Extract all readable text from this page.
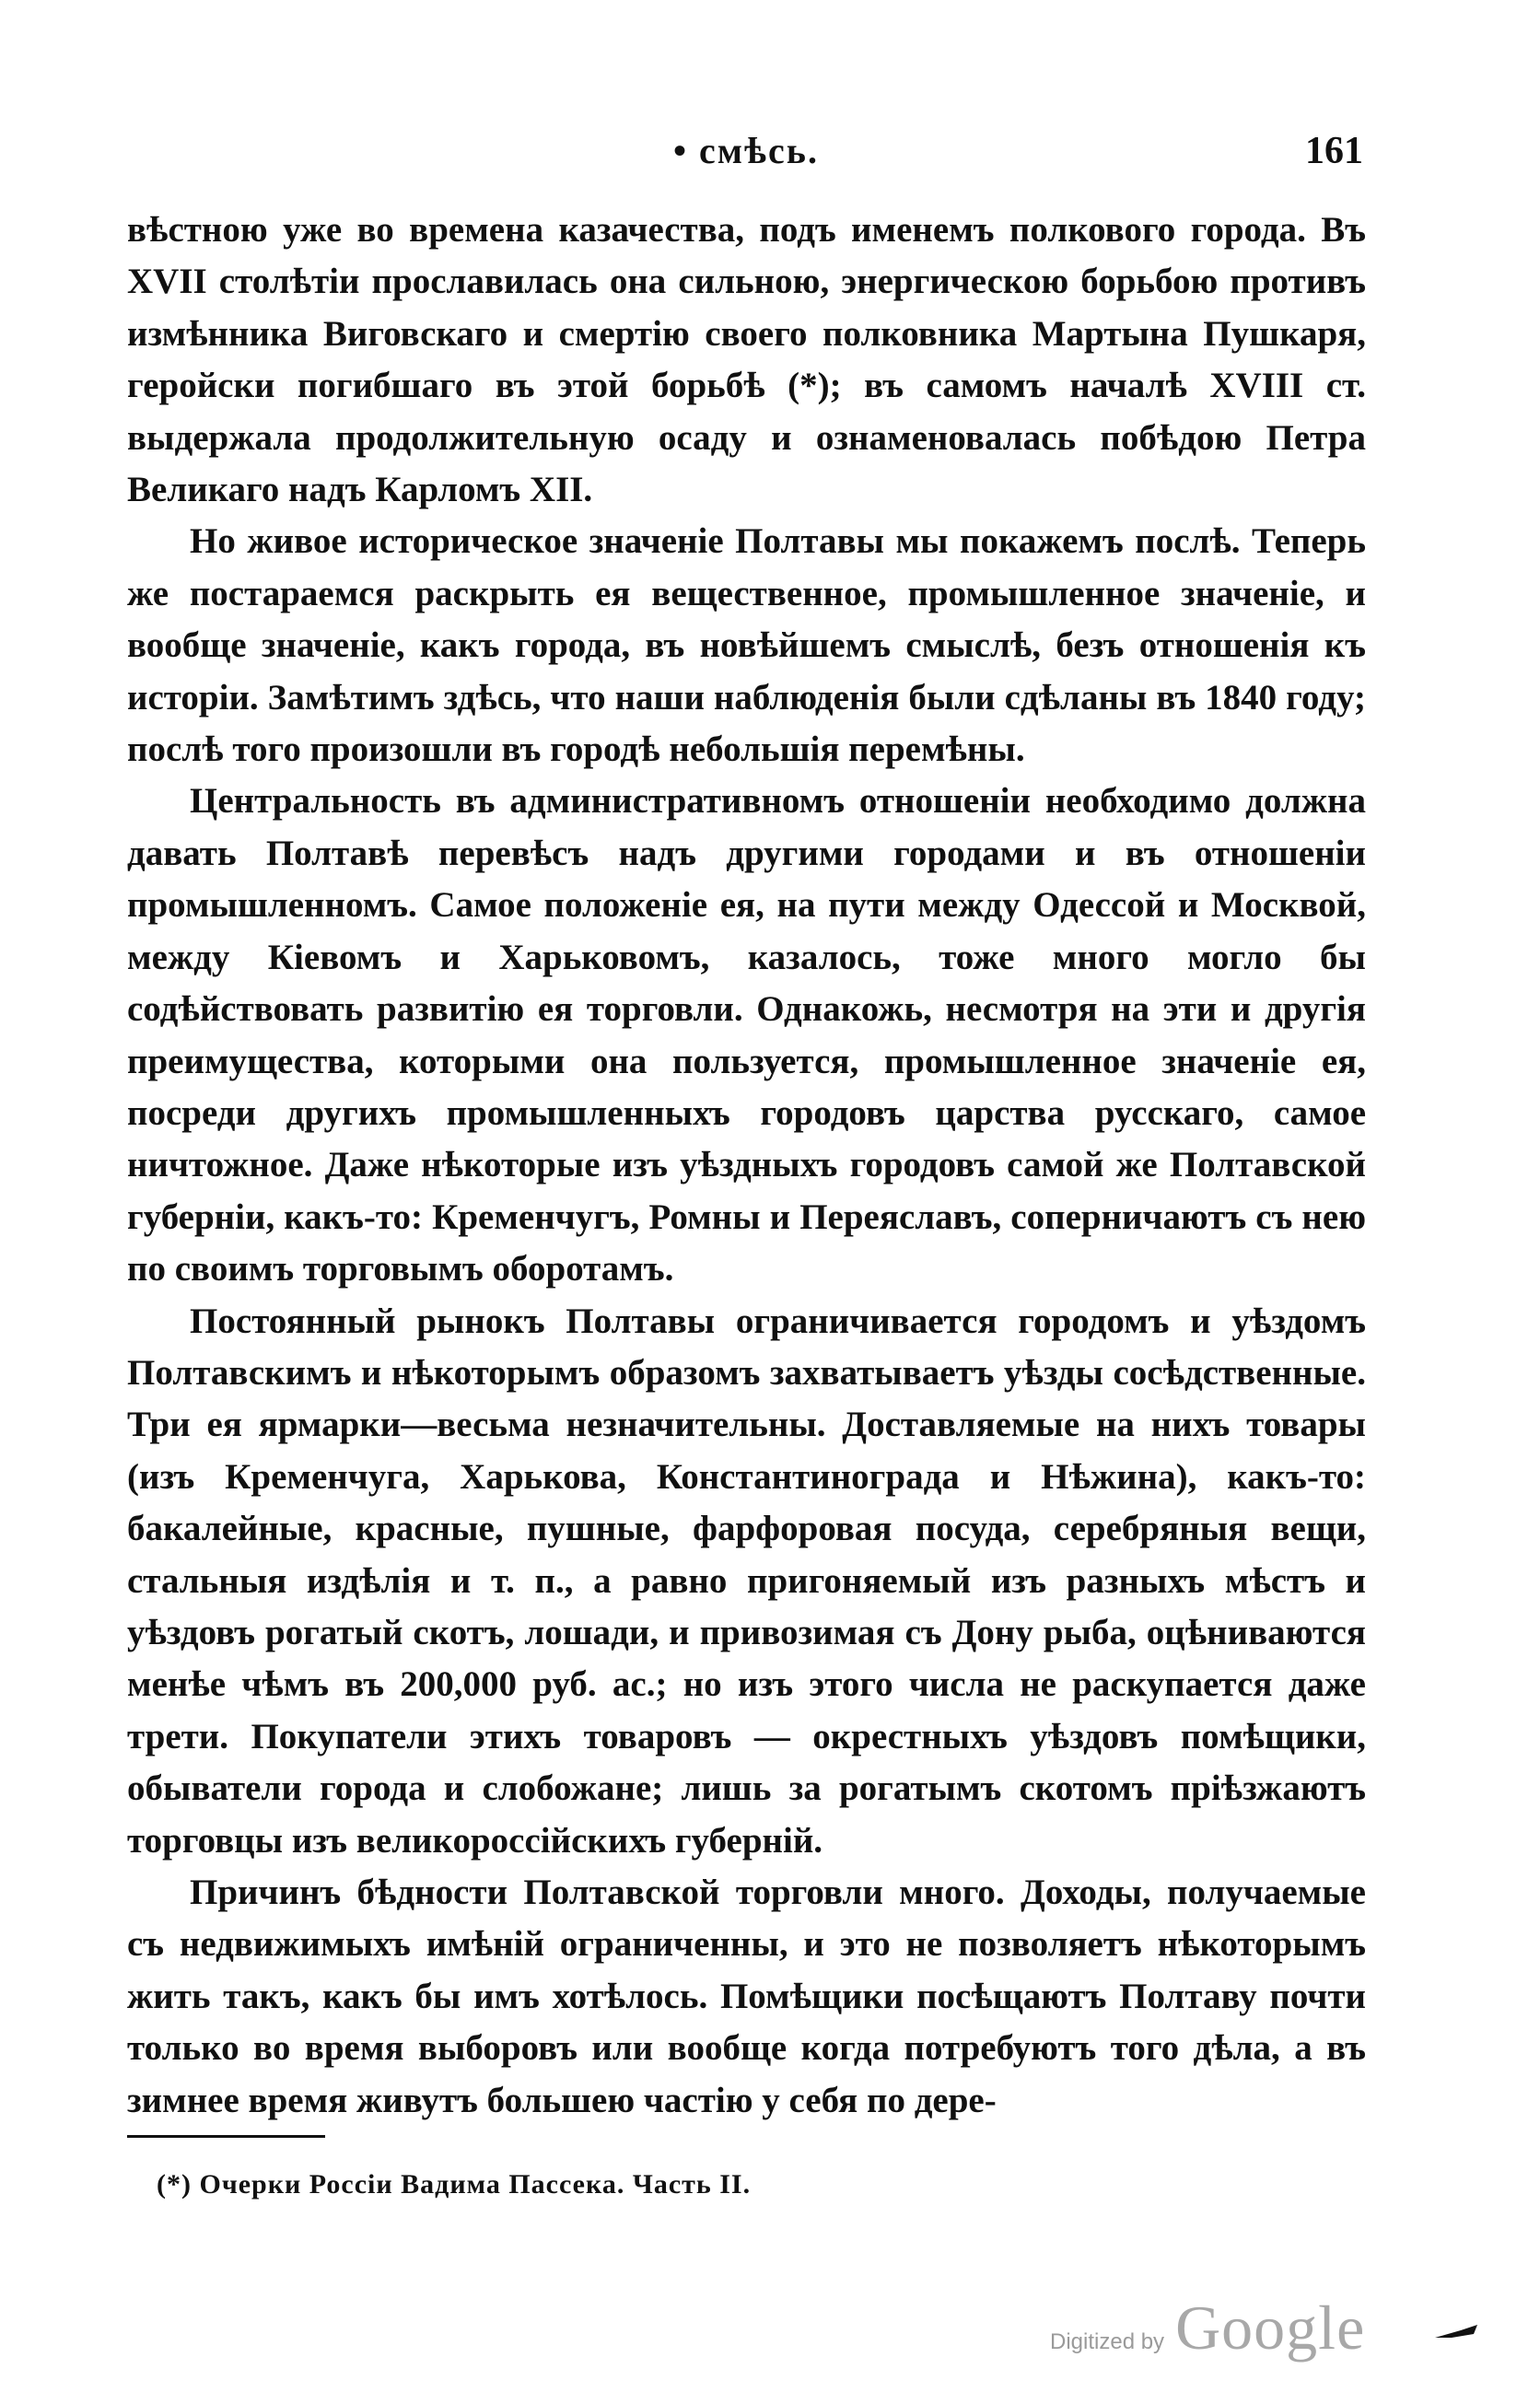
• смѣсь.	161

вѣстною уже во времена казачества, подъ именемъ полкового города. Въ XVII столѣтіи прославилась она сильною, энергическою борьбою противъ измѣнника Виговскаго и смертію своего полковника Мартына Пушкаря, геройски погибшаго въ этой борьбѣ (*); въ самомъ началѣ XVIII ст. выдержала продолжительную осаду и ознаменовалась побѣдою Петра Великаго надъ Карломъ XII.

Но живое историческое значеніе Полтавы мы покажемъ послѣ. Теперь же постараемся раскрыть ея вещественное, промышленное значеніе, и вообще значеніе, какъ города, въ новѣйшемъ смыслѣ, безъ отношенія къ исторіи. Замѣтимъ здѣсь, что наши наблюденія были сдѣланы въ 1840 году; послѣ того произошли въ городѣ небольшія перемѣны.

Центральность въ административномъ отношеніи необходимо должна давать Полтавѣ перевѣсъ надъ другими городами и въ отношеніи промышленномъ. Самое положеніе ея, на пути между Одессой и Москвой, между Кіевомъ и Харьковомъ, казалось, тоже много могло бы содѣйствовать развитію ея торговли. Однакожь, несмотря на эти и другія преимущества, которыми она пользуется, промышленное значеніе ея, посреди другихъ промышленныхъ городовъ царства русскаго, самое ничтожное. Даже нѣкоторые изъ уѣздныхъ городовъ самой же Полтавской губерніи, какъ-то: Кременчугъ, Ромны и Переяславъ, соперничаютъ съ нею по своимъ торговымъ оборотамъ.

Постоянный рынокъ Полтавы ограничивается городомъ и уѣздомъ Полтавскимъ и нѣкоторымъ образомъ захватываетъ уѣзды сосѣдственные. Три ея ярмарки—весьма незначительны. Доставляемые на нихъ товары (изъ Кременчуга, Харькова, Константинограда и Нѣжина), какъ-то: бакалейные, красные, пушные, фарфоровая посуда, серебряныя вещи, стальныя издѣлія и т. п., а равно пригоняемый изъ разныхъ мѣстъ и уѣздовъ рогатый скотъ, лошади, и привозимая съ Дону рыба, оцѣниваются менѣе чѣмъ въ 200,000 руб. ас.; но изъ этого числа не раскупается даже трети. Покупатели этихъ товаровъ — окрестныхъ уѣздовъ помѣщики, обыватели города и слобожане; лишь за рогатымъ скотомъ пріѣзжаютъ торговцы изъ великороссійскихъ губерній.

Причинъ бѣдности Полтавской торговли много. Доходы, получаемые съ недвижимыхъ имѣній ограниченны, и это не позволяетъ нѣкоторымъ жить такъ, какъ бы имъ хотѣлось. Помѣщики посѣщаютъ Полтаву почти только во время выборовъ или вообще когда потребуютъ того дѣла, а въ зимнее время живутъ большею частію у себя по дере-

(*) Очерки Россіи Вадима Пассека. Часть II.
Digitized by Google
